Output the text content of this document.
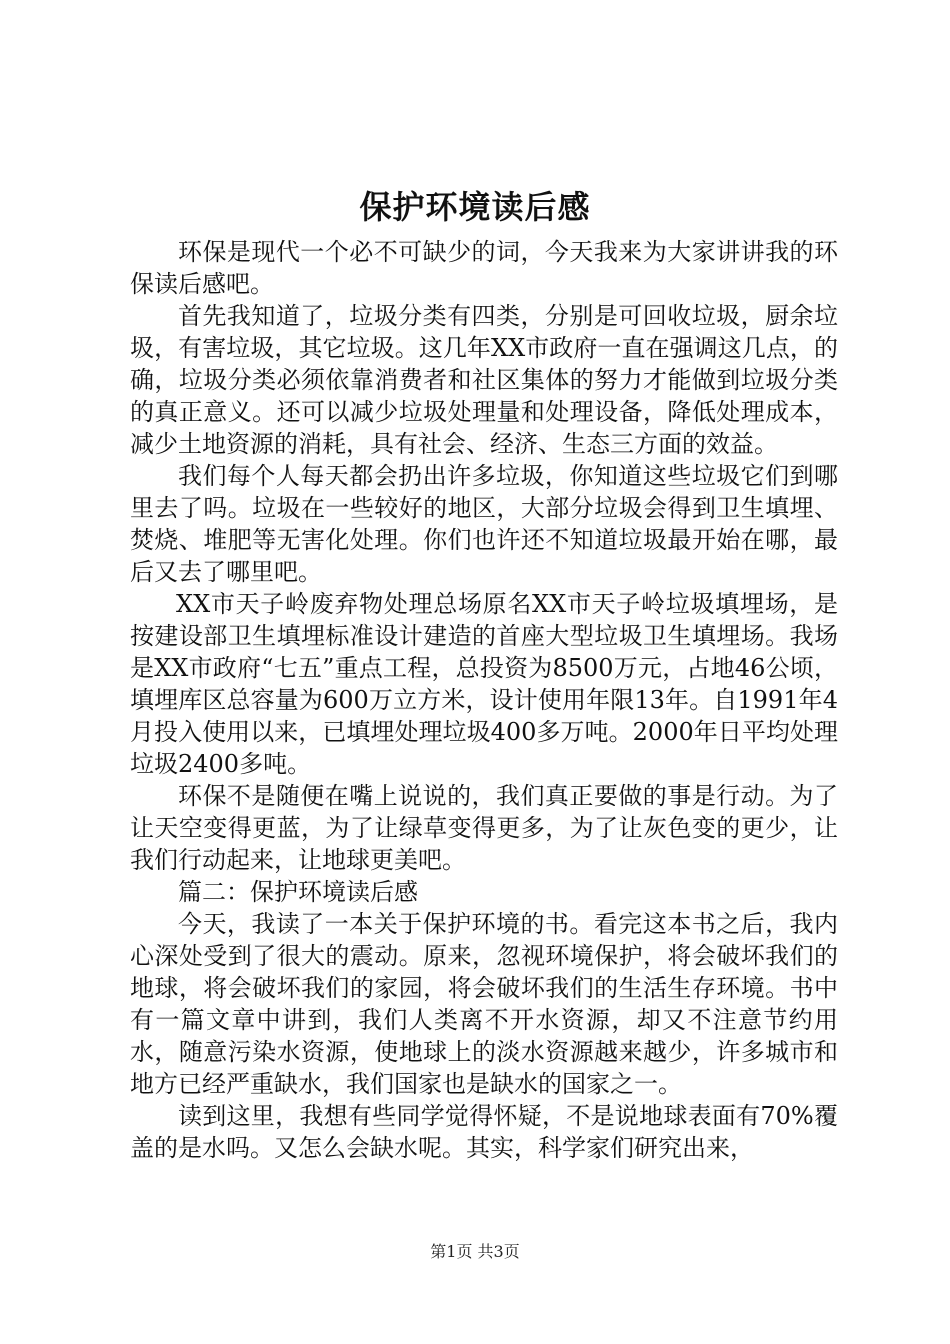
保护环境读后感

环保是现代一个必不可缺少的词，今天我来为大家讲讲我的环保读后感吧。

首先我知道了，垃圾分类有四类，分别是可回收垃圾，厨余垃圾，有害垃圾，其它垃圾。这几年XX市政府一直在强调这几点，的确，垃圾分类必须依靠消费者和社区集体的努力才能做到垃圾分类的真正意义。还可以减少垃圾处理量和处理设备，降低处理成本，减少土地资源的消耗，具有社会、经济、生态三方面的效益。

我们每个人每天都会扔出许多垃圾，你知道这些垃圾它们到哪里去了吗。垃圾在一些较好的地区，大部分垃圾会得到卫生填埋、焚烧、堆肥等无害化处理。你们也许还不知道垃圾最开始在哪，最后又去了哪里吧。

XX市天子岭废弃物处理总场原名XX市天子岭垃圾填埋场，是按建设部卫生填埋标准设计建造的首座大型垃圾卫生填埋场。我场是XX市政府“七五”重点工程，总投资为8500万元，占地46公顷，填埋库区总容量为600万立方米，设计使用年限13年。自1991年4月投入使用以来，已填埋处理垃圾400多万吨。2000年日平均处理垃圾2400多吨。

环保不是随便在嘴上说说的，我们真正要做的事是行动。为了让天空变得更蓝，为了让绿草变得更多，为了让灰色变的更少，让我们行动起来，让地球更美吧。

篇二：保护环境读后感

今天，我读了一本关于保护环境的书。看完这本书之后，我内心深处受到了很大的震动。原来，忽视环境保护，将会破坏我们的地球，将会破坏我们的家园，将会破坏我们的生活生存环境。书中有一篇文章中讲到，我们人类离不开水资源，却又不注意节约用水，随意污染水资源，使地球上的淡水资源越来越少，许多城市和地方已经严重缺水，我们国家也是缺水的国家之一。

读到这里，我想有些同学觉得怀疑，不是说地球表面有70%覆盖的是水吗。又怎么会缺水呢。其实，科学家们研究出来，

第1页 共3页
